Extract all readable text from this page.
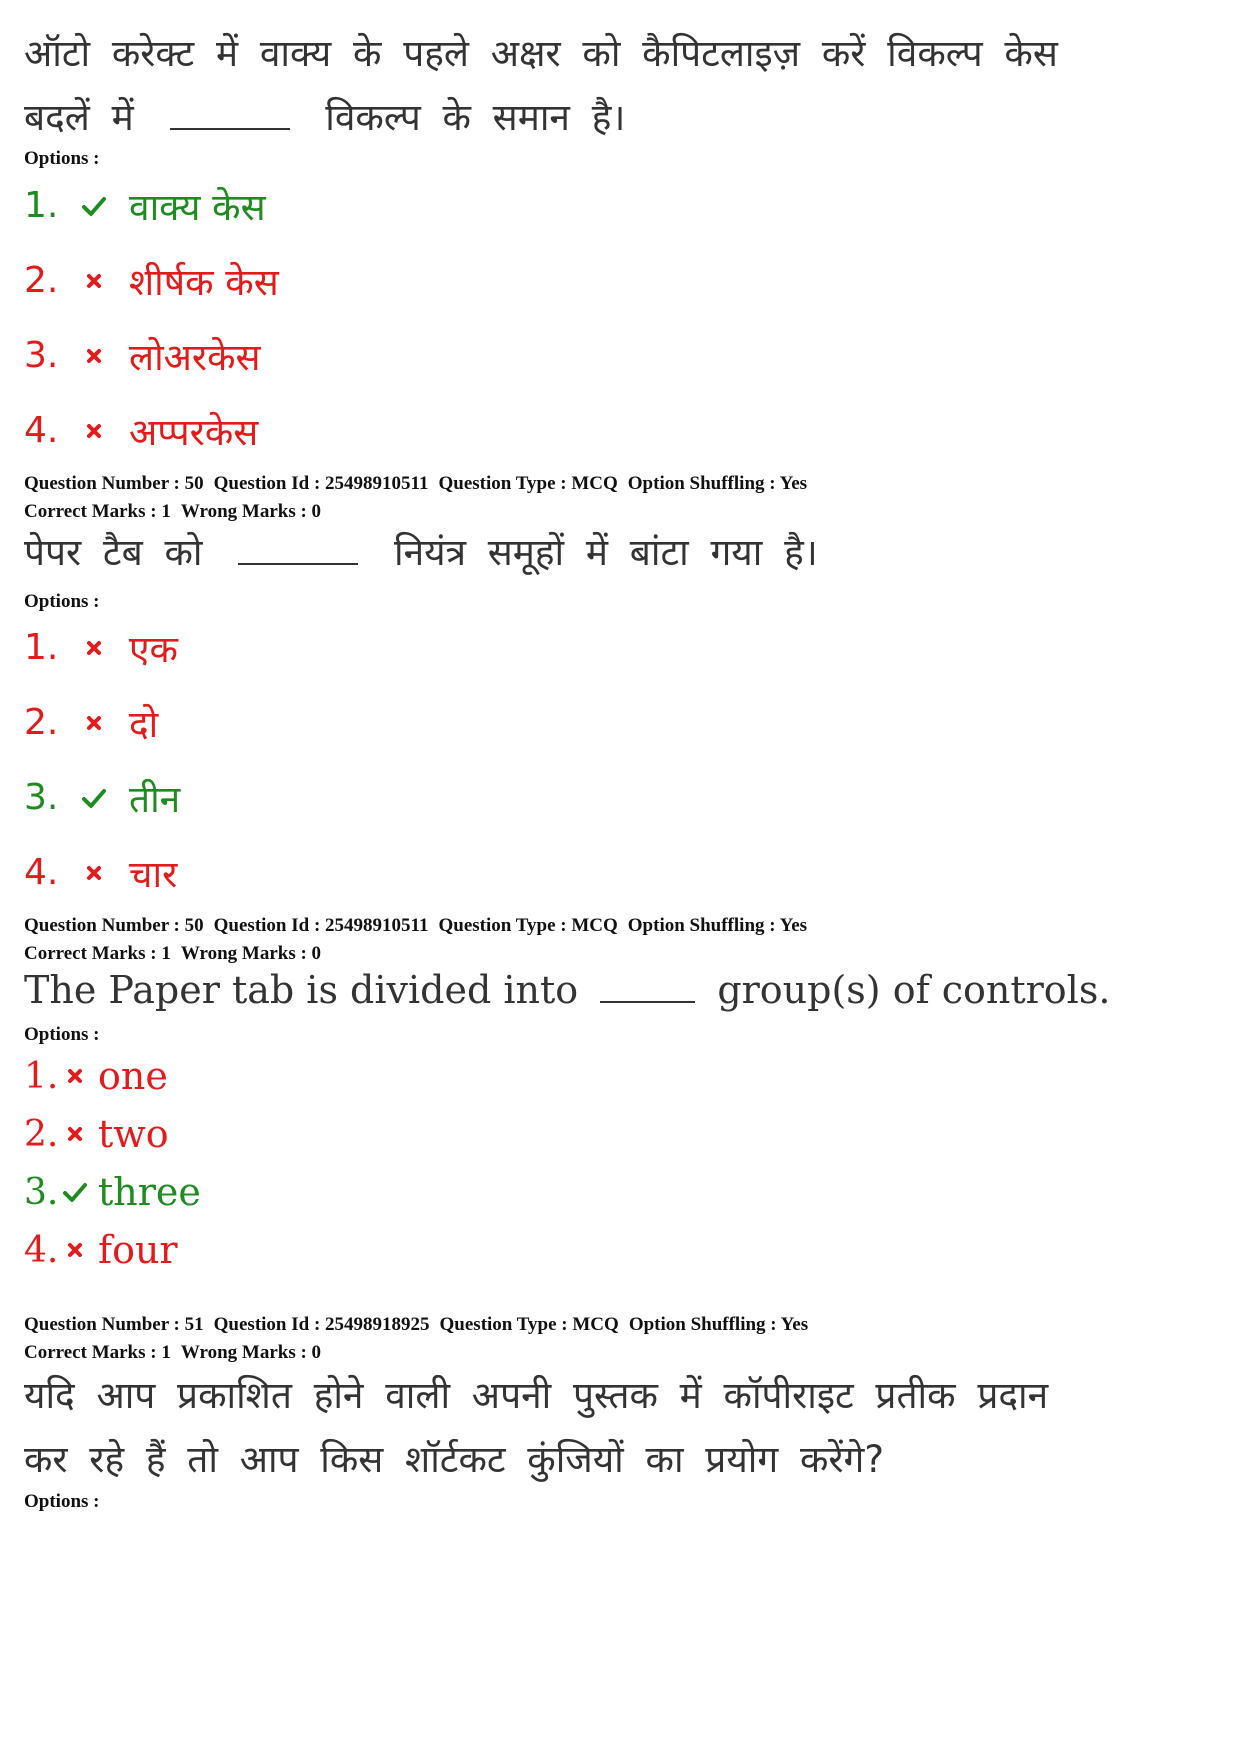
ऑटो करेक्ट में वाक्य के पहले अक्षर को कैपिटलाइज़ करें विकल्प केस

बदलें में	विकल्प के समान है।

Options :

1.	वाक्य केस
2.	शीर्षक केस
3.	लोअरकेस
4.	अप्परकेस
Question Number : 50 Question Id : 25498910511 Question Type : MCQ Option Shuffling : Yes
Correct Marks : 1 Wrong Marks : 0

पेपर टैब को	नियंत्र समूहों में बांटा गया है।

Options :

1.	एक
2.	दो
3.	तीन
4.	चार
Question Number : 50 Question Id : 25498910511 Question Type : MCQ Option Shuffling : Yes
Correct Marks : 1 Wrong Marks : 0

The Paper tab is divided into	group(s) of controls.

Options :

1. one
2. two
3. three
4. four
Question Number : 51 Question Id : 25498918925 Question Type : MCQ Option Shuffling : Yes
Correct Marks : 1 Wrong Marks : 0

यदि आप प्रकाशित होने वाली अपनी पुस्तक में कॉपीराइट प्रतीक प्रदान

कर रहे हैं तो आप किस शॉर्टकट कुंजियों का प्रयोग करेंगे?

Options :
